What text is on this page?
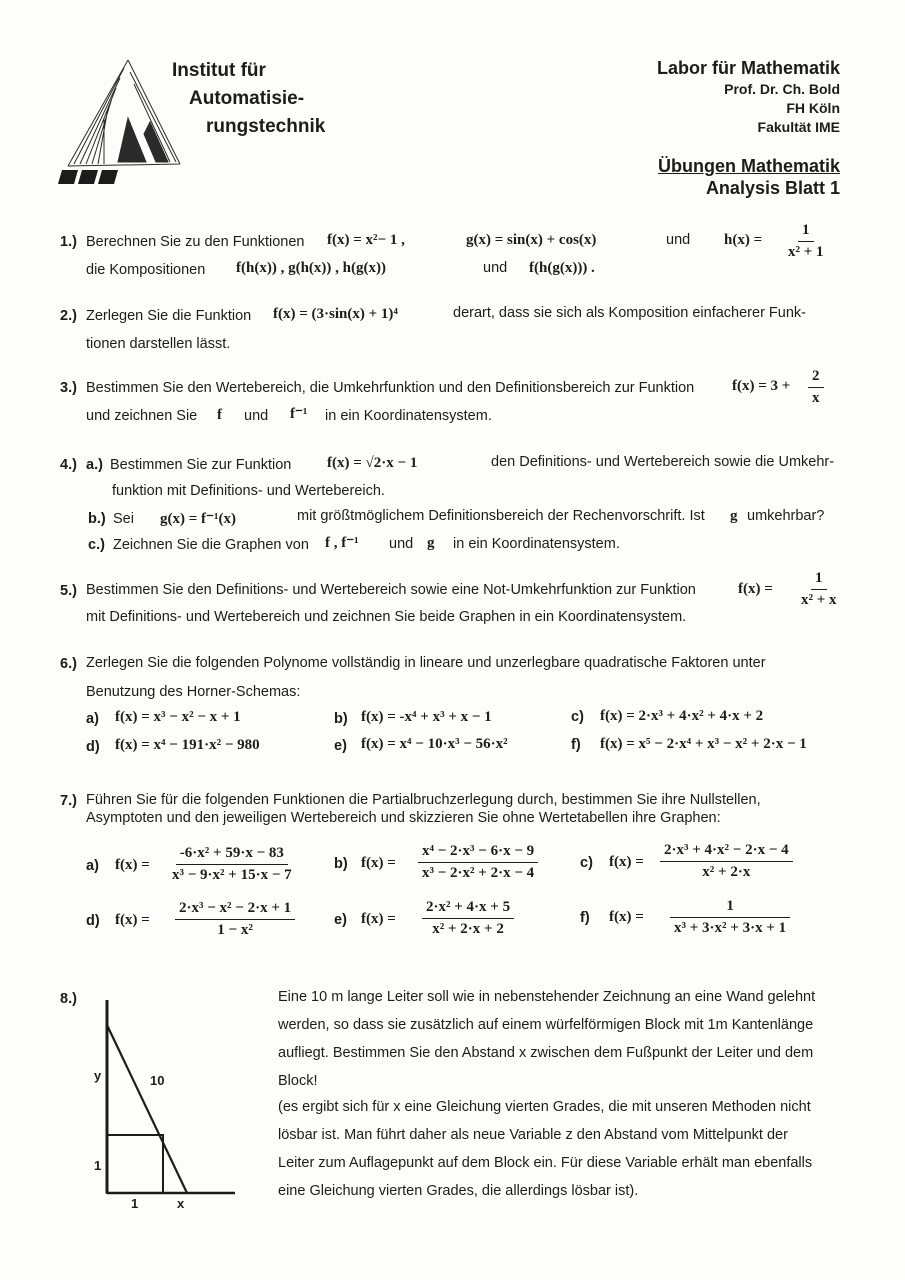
Institut für
Automatisie-
rungstechnik
Labor für Mathematik
Prof. Dr. Ch. Bold
FH Köln
Fakultät IME
Übungen Mathematik
Analysis Blatt 1
1.) Berechnen Sie zu den Funktionen f(x) = x²− 1 ,	g(x) = sin(x) + cos(x)	und $h(x) = \frac{1}{\text{x² + 1}}$
die Kompositionen f(h(x)) , g(h(x)) , h(g(x))	und f(h(g(x))) .
2.) Zerlegen Sie die Funktion f(x) = (3·sin(x) + 1)⁴	derart, dass sie sich als Komposition einfacherer Funk-
tionen darstellen lässt.
3.) Bestimmen Sie den Wertebereich, die Umkehrfunktion und den Definitionsbereich zur Funktion	$f(x) = 3 + \frac{2}{x}$
und zeichnen Sie f und f⁻¹ in ein Koordinatensystem.
4.) a.) Bestimmen Sie zur Funktion f(x) = √2·x − 1	den Definitions- und Wertebereich sowie die Umkehr-
funktion mit Definitions- und Wertebereich.
b.) Sei g(x) = f⁻¹(x)	mit größtmöglichem Definitionsbereich der Rechenvorschrift. Ist g umkehrbar?
c.) Zeichnen Sie die Graphen von f , f⁻¹ und g in ein Koordinatensystem.
5.) Bestimmen Sie den Definitions- und Wertebereich sowie eine Not-Umkehrfunktion zur Funktion	$f(x) = \frac{1}{\text{x² + x}}$
mit Definitions- und Wertebereich und zeichnen Sie beide Graphen in ein Koordinatensystem.
6.) Zerlegen Sie die folgenden Polynome vollständig in lineare und unzerlegbare quadratische Faktoren unter
Benutzung des Horner-Schemas:
a) f(x) = x³ − x² − x + 1	b) f(x) = -x⁴ + x³ + x − 1	c) f(x) = 2·x³ + 4·x² + 4·x + 2
d) f(x) = x⁴ − 191·x² − 980	e) f(x) = x⁴ − 10·x³ − 56·x²	f) f(x) = x⁵ − 2·x⁴ + x³ − x² + 2·x − 1
7.) Führen Sie für die folgenden Funktionen die Partialbruchzerlegung durch, bestimmen Sie ihre Nullstellen,
Asymptoten und den jeweiligen Wertebereich und skizzieren Sie ohne Wertetabellen ihre Graphen:
a) $f(x) = \frac{\text{-6·x² + 59·x − 83}}{\text{x³ − 9·x² + 15·x − 7}}$	b) $f(x) = \frac{\text{x⁴ − 2·x³ − 6·x − 9}}{\text{x³ − 2·x² + 2·x − 4}}$	c) $f(x) = \frac{\text{2·x³ + 4·x² − 2·x − 4}}{\text{x² + 2·x}}$
d) $f(x) = \frac{\text{2·x³ − x² − 2·x + 1}}{\text{1 − x²}}$	e) $f(x) = \frac{\text{2·x² + 4·x + 5}}{\text{x² + 2·x + 2}}$	f) $f(x) = \frac{1}{\text{x³ + 3·x² + 3·x + 1}}$
8.)
y	10
1
1	x
Eine 10 m lange Leiter soll wie in nebenstehender Zeichnung an eine Wand gelehnt
werden, so dass sie zusätzlich auf einem würfelförmigen Block mit 1m Kantenlänge
aufliegt. Bestimmen Sie den Abstand x zwischen dem Fußpunkt der Leiter und dem
Block!
(es ergibt sich für x eine Gleichung vierten Grades, die mit unseren Methoden nicht
lösbar ist. Man führt daher als neue Variable z den Abstand vom Mittelpunkt der
Leiter zum Auflagepunkt auf dem Block ein. Für diese Variable erhält man ebenfalls
eine Gleichung vierten Grades, die allerdings lösbar ist).
